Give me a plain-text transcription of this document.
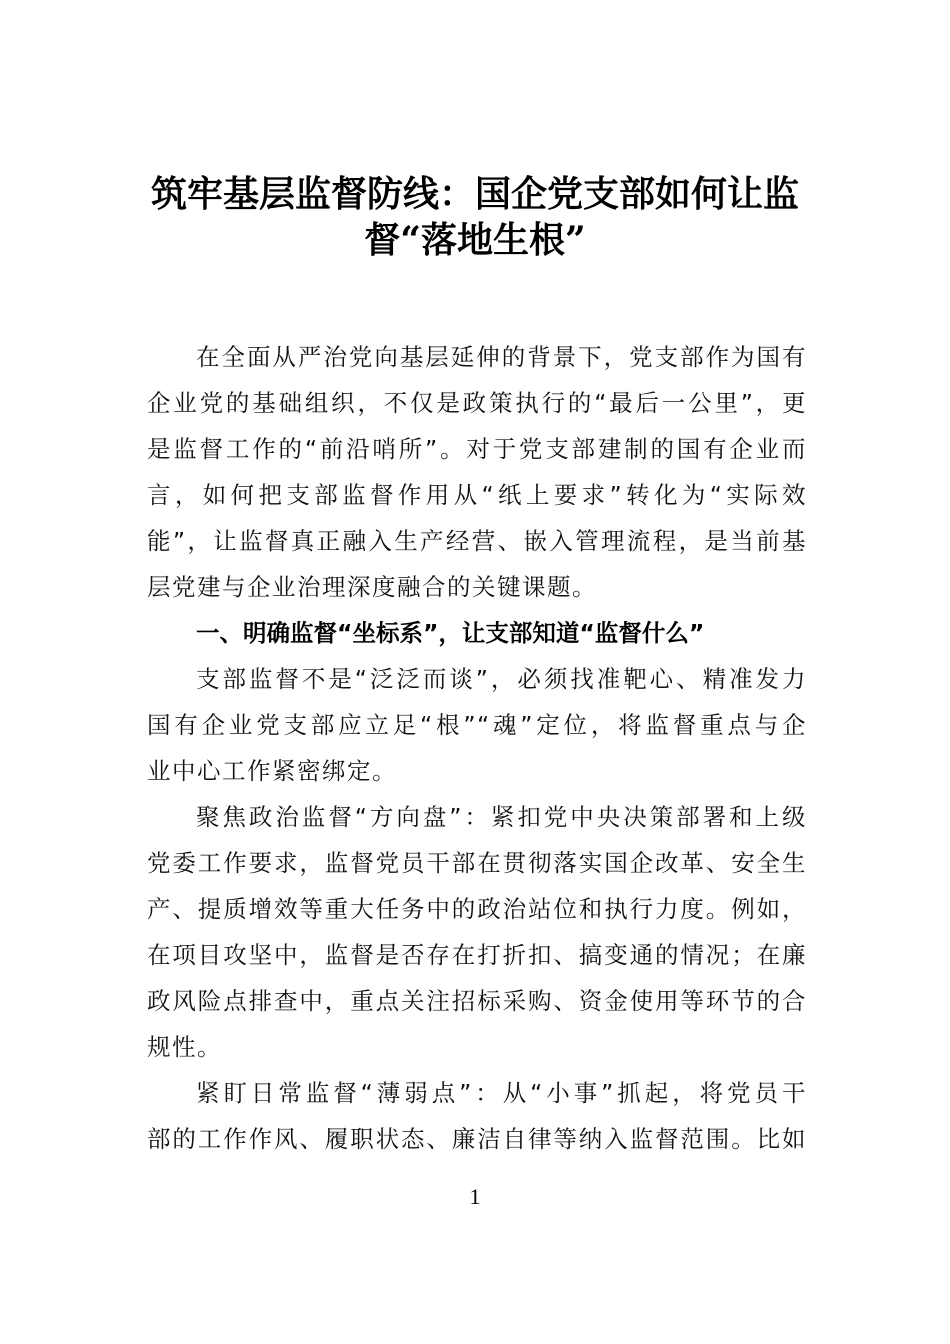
筑牢基层监督防线：国企党支部如何让监
督“落地生根”
在全面从严治党向基层延伸的背景下，党支部作为国有
企业党的基础组织，不仅是政策执行的“最后一公里”，更
是监督工作的“前沿哨所”。对于党支部建制的国有企业而
言，如何把支部监督作用从“纸上要求”转化为“实际效
能”，让监督真正融入生产经营、嵌入管理流程，是当前基
层党建与企业治理深度融合的关键课题。
一、明确监督“坐标系”，让支部知道“监督什么”
支部监督不是“泛泛而谈”，必须找准靶心、精准发力
国有企业党支部应立足“根”“魂”定位，将监督重点与企
业中心工作紧密绑定。
聚焦政治监督“方向盘”：紧扣党中央决策部署和上级
党委工作要求，监督党员干部在贯彻落实国企改革、安全生
产、提质增效等重大任务中的政治站位和执行力度。例如，
在项目攻坚中，监督是否存在打折扣、搞变通的情况；在廉
政风险点排查中，重点关注招标采购、资金使用等环节的合
规性。
紧盯日常监督“薄弱点”：从“小事”抓起，将党员干
部的工作作风、履职状态、廉洁自律等纳入监督范围。比如
1
